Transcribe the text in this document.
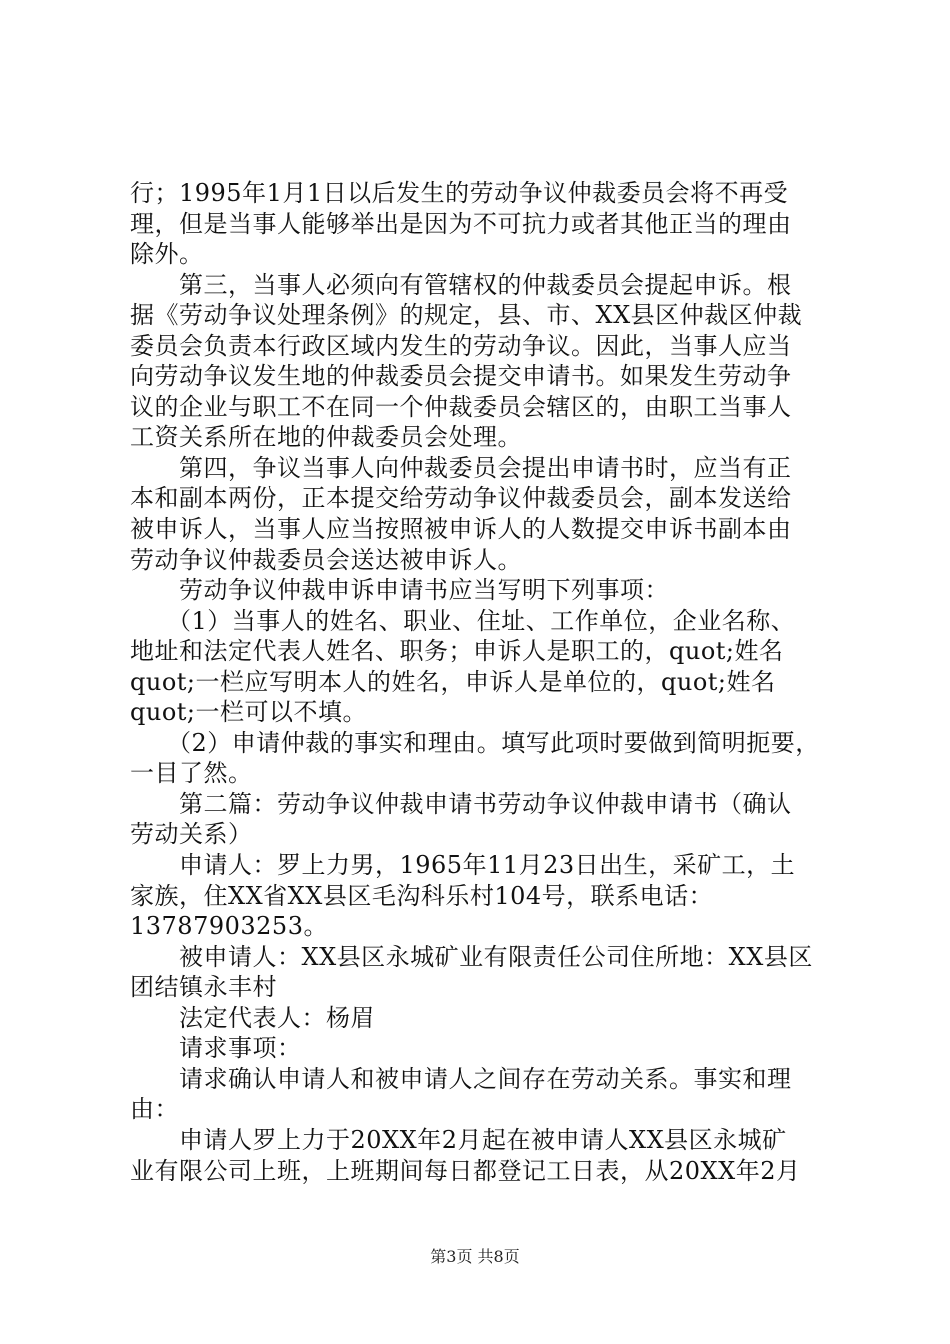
行；1995年1月1日以后发生的劳动争议仲裁委员会将不再受
理，但是当事人能够举出是因为不可抗力或者其他正当的理由
除外。
　　第三，当事人必须向有管辖权的仲裁委员会提起申诉。根
据《劳动争议处理条例》的规定，县、市、XX县区仲裁区仲裁
委员会负责本行政区域内发生的劳动争议。因此，当事人应当
向劳动争议发生地的仲裁委员会提交申请书。如果发生劳动争
议的企业与职工不在同一个仲裁委员会辖区的，由职工当事人
工资关系所在地的仲裁委员会处理。
　　第四，争议当事人向仲裁委员会提出申请书时，应当有正
本和副本两份，正本提交给劳动争议仲裁委员会，副本发送给
被申诉人，当事人应当按照被申诉人的人数提交申诉书副本由
劳动争议仲裁委员会送达被申诉人。
　　劳动争议仲裁申诉申请书应当写明下列事项：
　　（1）当事人的姓名、职业、住址、工作单位，企业名称、
地址和法定代表人姓名、职务；申诉人是职工的，quot;姓名
quot;一栏应写明本人的姓名，申诉人是单位的，quot;姓名
quot;一栏可以不填。
　　（2）申请仲裁的事实和理由。填写此项时要做到简明扼要，
一目了然。
　　第二篇：劳动争议仲裁申请书劳动争议仲裁申请书（确认
劳动关系）
　　申请人：罗上力男，1965年11月23日出生，采矿工，土
家族，住XX省XX县区毛沟科乐村104号，联系电话：
13787903253。
　　被申请人：XX县区永城矿业有限责任公司住所地：XX县区
团结镇永丰村
　　法定代表人：杨眉
　　请求事项：
　　请求确认申请人和被申请人之间存在劳动关系。事实和理
由：
　　申请人罗上力于20XX年2月起在被申请人XX县区永城矿
业有限公司上班，上班期间每日都登记工日表，从20XX年2月
第3页 共8页
